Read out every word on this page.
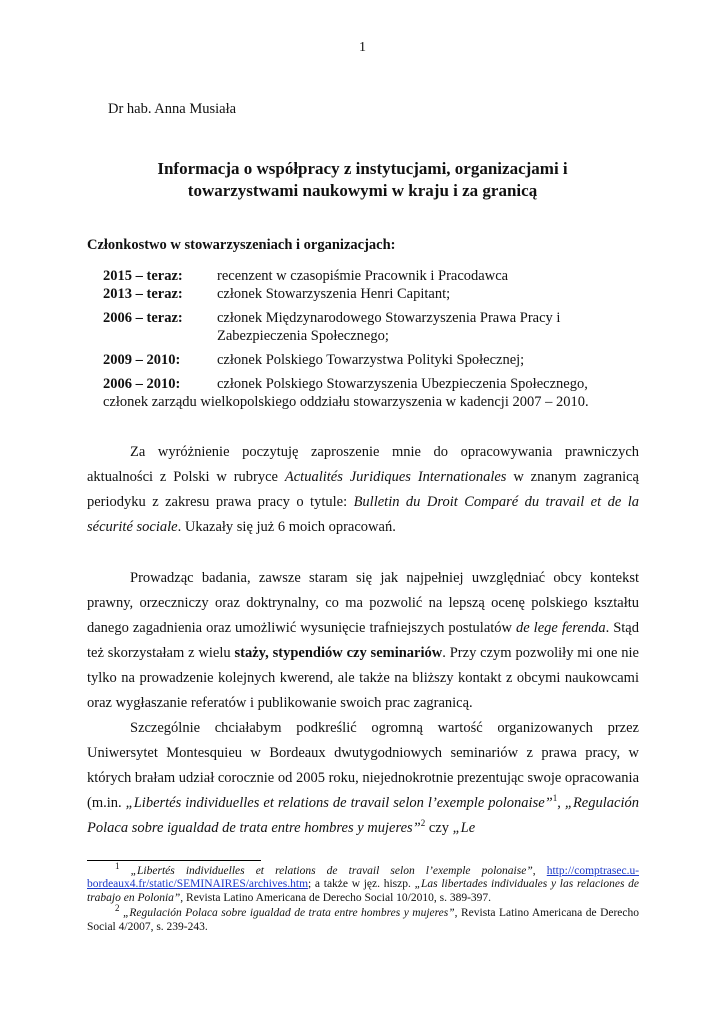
1
Dr hab. Anna Musiała
Informacja o współpracy z instytucjami, organizacjami i
towarzystwami naukowymi w kraju i za granicą
Członkostwo w stowarzyszeniach i organizacjach:
2015 – teraz:	recenzent w czasopiśmie Pracownik i Pracodawca
2013 – teraz:	członek Stowarzyszenia Henri Capitant;
2006 – teraz:	członek Międzynarodowego Stowarzyszenia Prawa Pracy i
Zabezpieczenia Społecznego;
2009 – 2010:	członek Polskiego Towarzystwa Polityki Społecznej;
2006 – 2010:	członek Polskiego Stowarzyszenia Ubezpieczenia Społecznego,
członek zarządu wielkopolskiego oddziału stowarzyszenia w kadencji 2007 – 2010.

Za wyróżnienie poczytuję zaproszenie mnie do opracowywania prawniczych aktualności z Polski w rubryce Actualités Juridiques Internationales w znanym zagranicą periodyku z zakresu prawa pracy o tytule: Bulletin du Droit Comparé du travail et de la sécurité sociale. Ukazały się już 6 moich opracowań.

Prowadząc badania, zawsze staram się jak najpełniej uwzględniać obcy kontekst prawny, orzeczniczy oraz doktrynalny, co ma pozwolić na lepszą ocenę polskiego kształtu danego zagadnienia oraz umożliwić wysunięcie trafniejszych postulatów de lege ferenda. Stąd też skorzystałam z wielu staży, stypendiów czy seminariów. Przy czym pozwoliły mi one nie tylko na prowadzenie kolejnych kwerend, ale także na bliższy kontakt z obcymi naukowcami oraz wygłaszanie referatów i publikowanie swoich prac zagranicą.

Szczególnie chciałabym podkreślić ogromną wartość organizowanych przez Uniwersytet Montesquieu w Bordeaux dwutygodniowych seminariów z prawa pracy, w których brałam udział corocznie od 2005 roku, niejednokrotnie prezentując swoje opracowania (m.in. „Libertés individuelles et relations de travail selon l’exemple polonaise”$^1$, „Regulación Polaca sobre igualdad de trata entre hombres y mujeres”$^2$ czy „Le

$^1$ „Libertés individuelles et relations de travail selon l’exemple polonaise”, http://comptrasec.u-bordeaux4.fr/static/SEMINAIRES/archives.htm; a także w jęz. hiszp. „Las libertades individuales y las relaciones de trabajo en Polonia”, Revista Latino Americana de Derecho Social 10/2010, s. 389-397.

$^2$ „Regulación Polaca sobre igualdad de trata entre hombres y mujeres”, Revista Latino Americana de Derecho Social 4/2007, s. 239-243.
